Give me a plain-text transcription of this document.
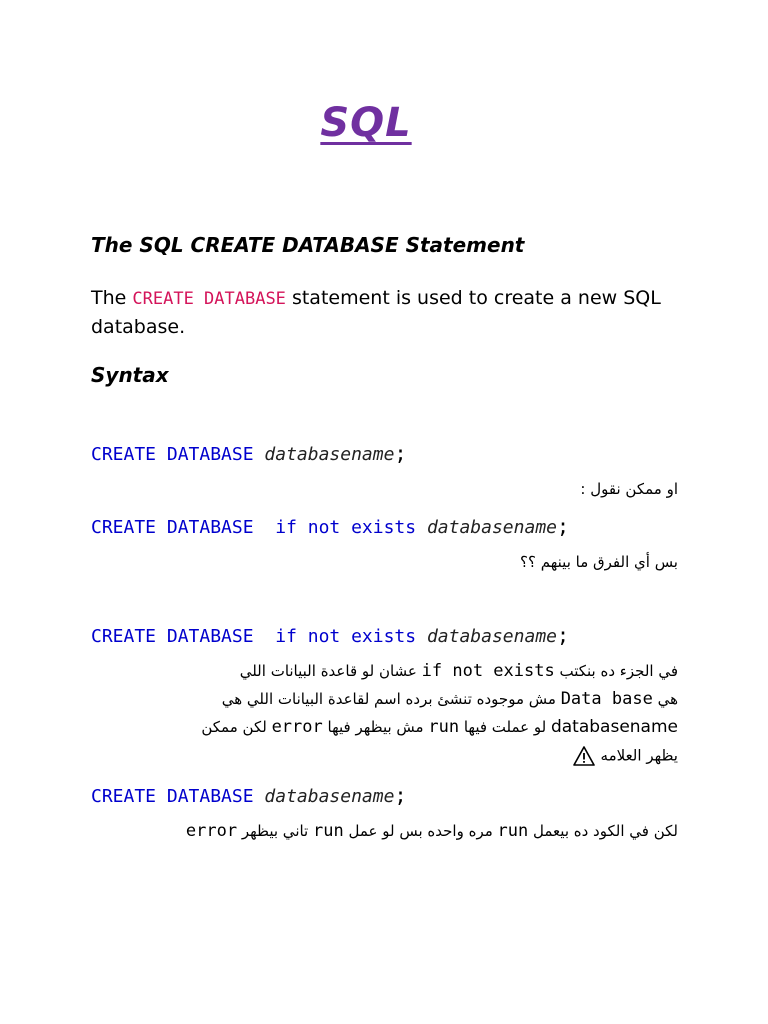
SQL
The SQL CREATE DATABASE Statement
The CREATE DATABASE statement is used to create a new SQL database.
Syntax
CREATE DATABASE databasename;
او ممكن نقول :
CREATE DATABASE  if not exists databasename;
بس أي الفرق ما بينهم ؟؟
CREATE DATABASE  if not exists databasename;
في الجزء ده بنكتب if not exists عشان لو قاعدة البيانات اللي
هي Data base مش موجوده تنشئ برده اسم لقاعدة البيانات اللي هي
databasename لو عملت فيها run مش بيظهر فيها error لكن ممكن
يظهر العلامه
CREATE DATABASE databasename;
لكن في الكود ده بيعمل run مره واحده بس لو عمل run تاني بيظهر error
